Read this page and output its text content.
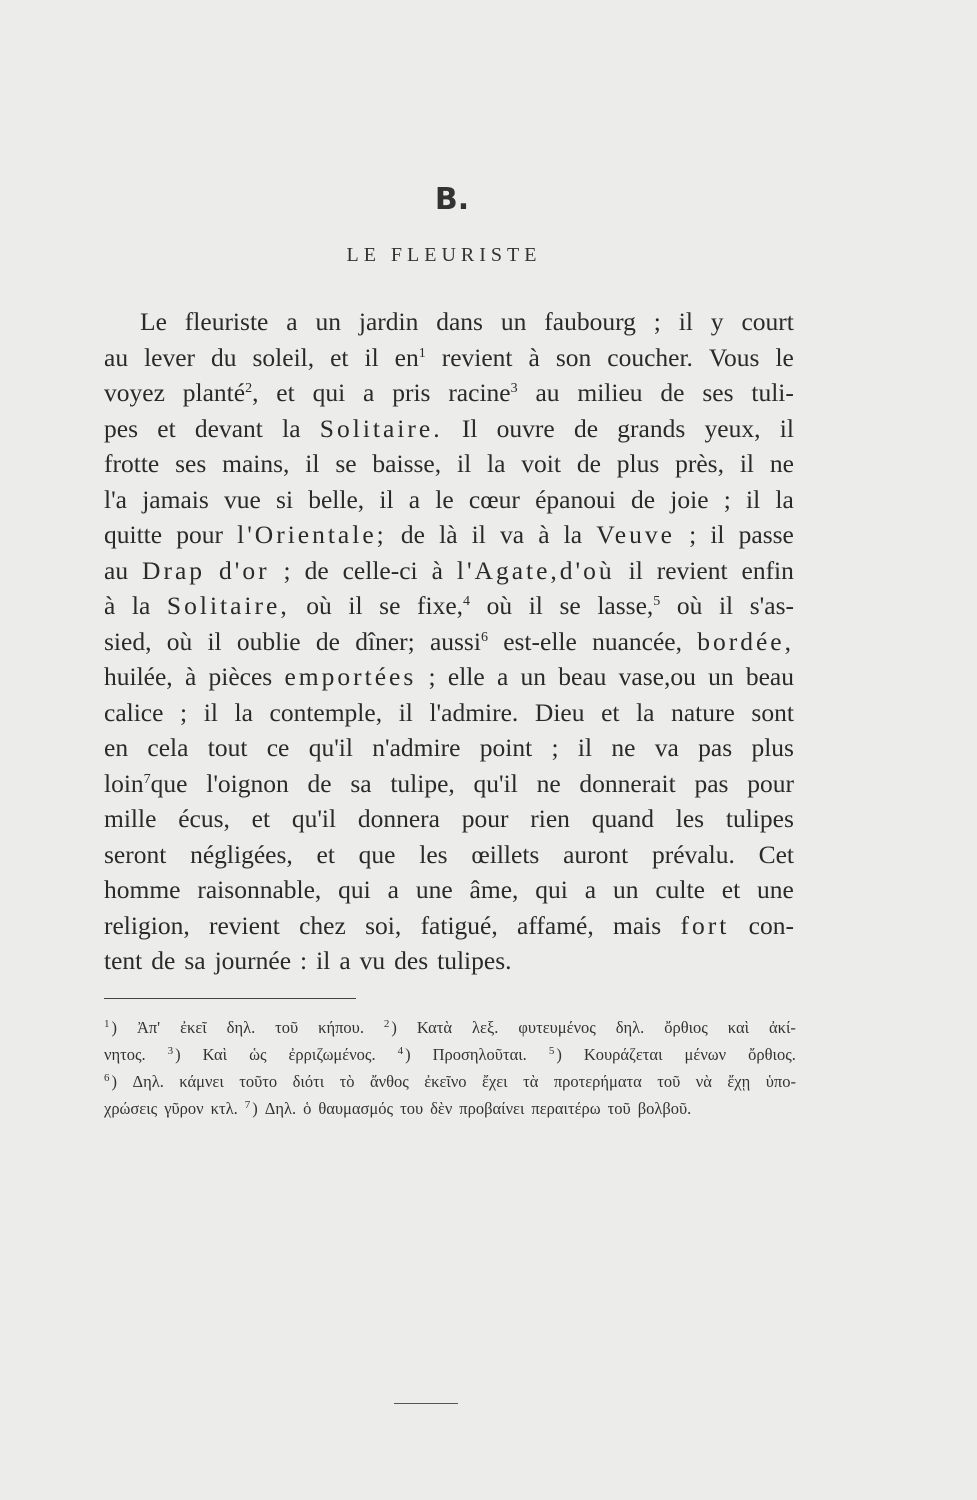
B.
LE FLEURISTE
Le fleuriste a un jardin dans un faubourg ; il y court
au lever du soleil, et il $en^1$ revient à son coucher. Vous le
voyez planté$^2$, et qui a pris racine$^3$ au milieu de ses tuli-
pes et devant la Solitaire. Il ouvre de grands yeux, il
frotte ses mains, il se baisse, il la voit de plus près, il ne
l'a jamais vue si belle, il a le cœur épanoui de joie ; il la
quitte pour l'Orientale; de là il va à la Veuve ; il passe
au Drap d'or ; de celle-ci à l'Agate,d'où il revient enfin
à la Solitaire, où il se fixe,$^4$ où il se lasse,$^5$ où il s'as-
sied, où il oublie de dîner; aussi$^6$ est-elle nuancée, bordée,
huilée, à pièces emportées ; elle a un beau vase,ou un beau
calice ; il la contemple, il l'admire. Dieu et la nature sont
en cela tout ce qu'il n'admire point ; il ne va pas plus
loin$^7$que l'oignon de sa tulipe, qu'il ne donnerait pas pour
mille écus, et qu'il donnera pour rien quand les tulipes
seront négligées, et que les œillets auront prévalu. Cet
homme raisonnable, qui a une âme, qui a un culte et une
religion, revient chez soi, fatigué, affamé, mais fort con-
tent de sa journée : il a vu des tulipes.
$^1$ ) Ἀπ' ἐκεῖ δηλ. τοῦ κήπου. $^2$ ) Κατὰ λεξ. φυτευμένος δηλ. ὄρθιος καὶ ἀκί-
νητος. $^3$ ) Καὶ ὡς ἐρριζωμένος. $^4$ ) Προσηλοῦται. $^5$ ) Κουράζεται μένων ὄρθιος.
$^6$ ) Δηλ. κάμνει τοῦτο διότι τὸ ἄνθος ἐκεῖνο ἔχει τὰ προτερήματα τοῦ νὰ ἔχῃ ὑπο-
χρώσεις γῦρον κτλ. $^7$ ) Δηλ. ὁ θαυμασμός του δὲν προβαίνει περαιτέρω τοῦ βολβοῦ.
